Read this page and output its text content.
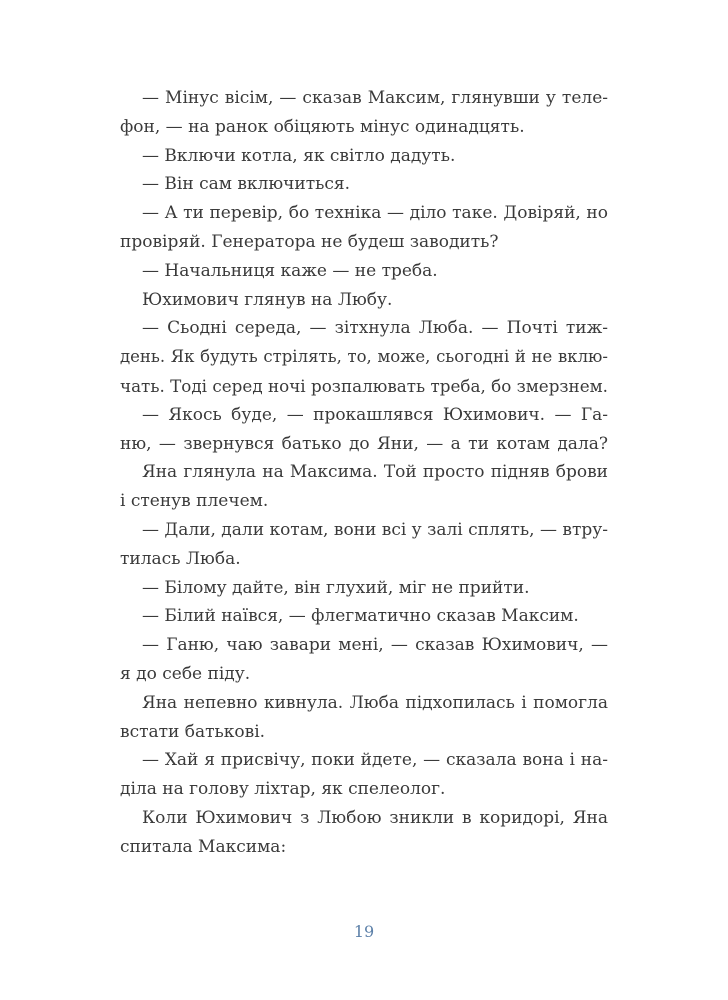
— Мінус вісім, — сказав Максим, глянувши у теле-
фон, — на ранок обіцяють мінус одинадцять.
— Включи котла, як світло дадуть.
— Він сам включиться.
— А ти перевір, бо техніка — діло таке. Довіряй, но
провіряй. Генератора не будеш заводить?
— Начальниця каже — не треба.
Юхимович глянув на Любу.
— Сьодні середа, — зітхнула Люба. — Почті тиж-
день. Як будуть стрілять, то, може, сьогодні й не вклю-
чать. Тоді серед ночі розпалювать треба, бо змерзнем.
— Якось буде, — прокашлявся Юхимович. — Га-
ню, — звернувся батько до Яни, — а ти котам дала?
Яна глянула на Максима. Той просто підняв брови
і стенув плечем.
— Дали, дали котам, вони всі у залі сплять, — втру-
тилась Люба.
— Білому дайте, він глухий, міг не прийти.
— Білий наївся, — флегматично сказав Максим.
— Ганю, чаю завари мені, — сказав Юхимович, —
я до себе піду.
Яна непевно кивнула. Люба підхопилась і помогла
встати батькові.
— Хай я присвічу, поки йдете, — сказала вона і на-
діла на голову ліхтар, як спелеолог.
Коли Юхимович з Любою зникли в коридорі, Яна
спитала Максима:
19
